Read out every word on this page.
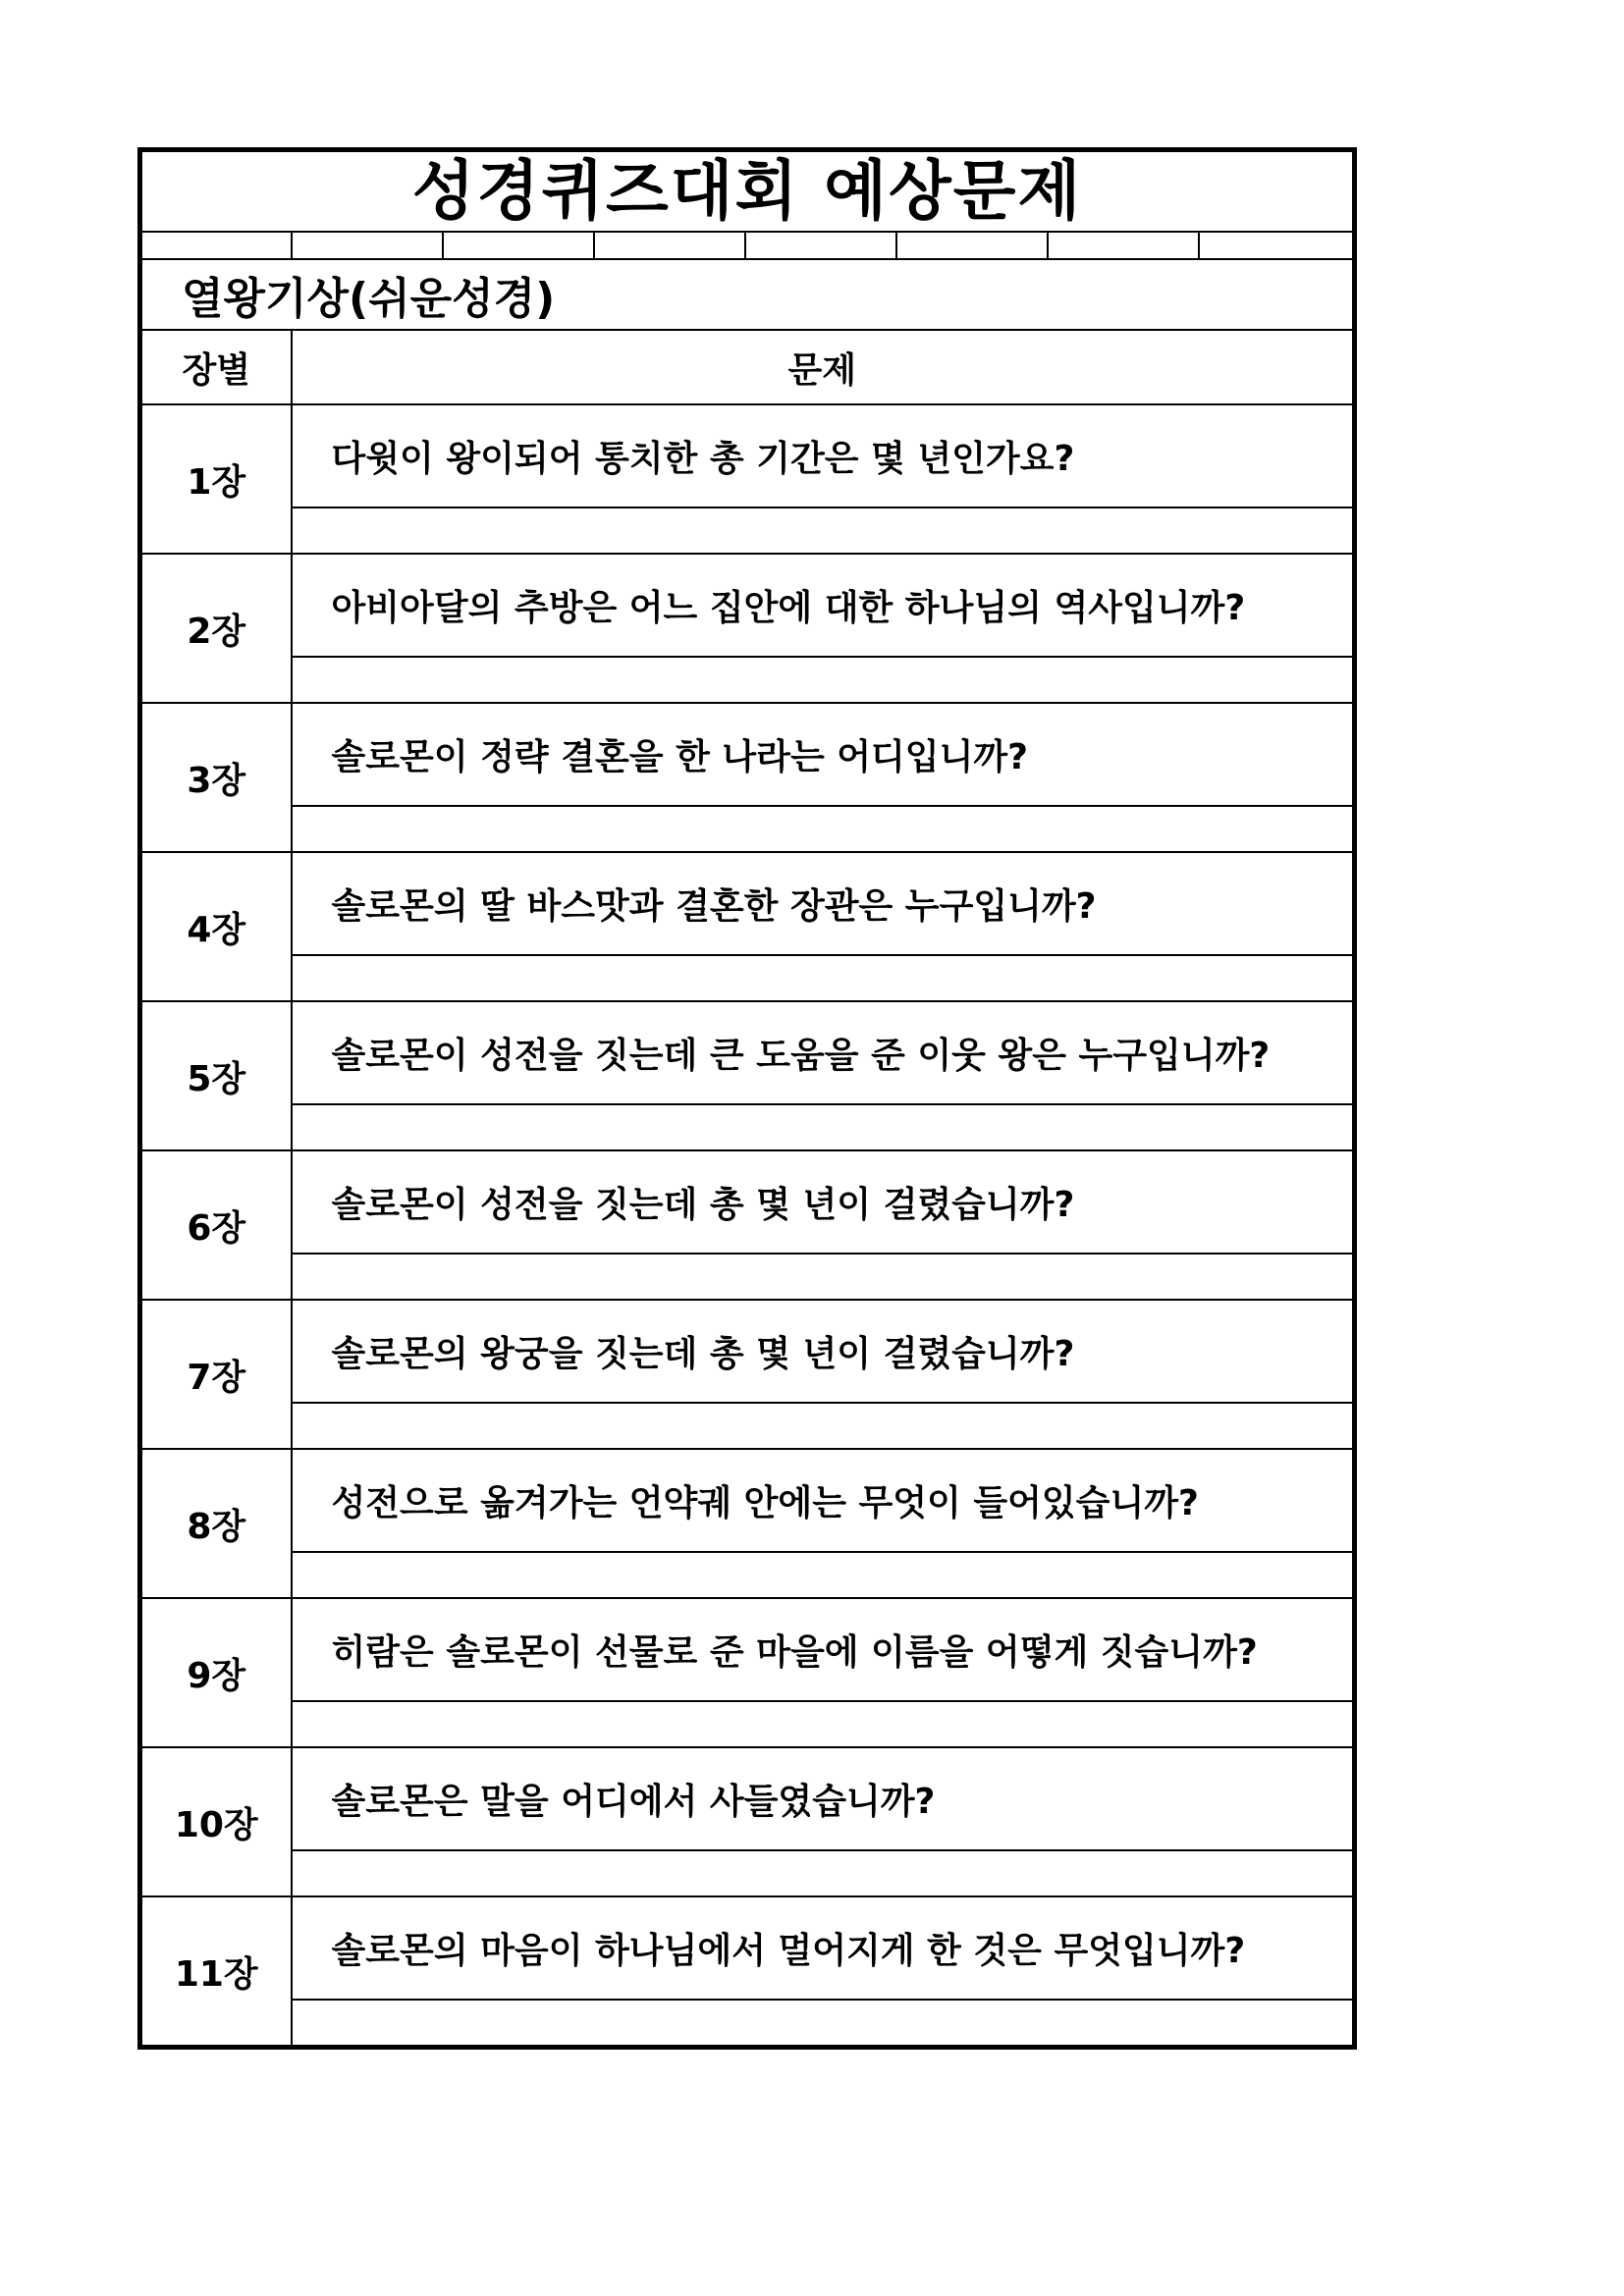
성경퀴즈대회 예상문제							

열왕기상(쉬운성경)							
장별	문제						
1장	다윗이 왕이되어 통치한 총 기간은 몇 년인가요?						

2장	아비아달의 추방은 어느 집안에 대한 하나님의 역사입니까?						

3장	솔로몬이 정략 결혼을 한 나라는 어디입니까?						

4장	솔로몬의 딸 바스맛과 결혼한 장관은 누구입니까?						

5장	솔로몬이 성전을 짓는데 큰 도움을 준 이웃 왕은 누구입니까?						

6장	솔로몬이 성전을 짓는데 총 몇 년이 걸렸습니까?						

7장	솔로몬의 왕궁을 짓는데 총 몇 년이 걸렸습니까?						

8장	성전으로 옮겨가는 언약궤 안에는 무엇이 들어있습니까?						

9장	히람은 솔로몬이 선물로 준 마을에 이름을 어떻게 짓습니까?						

10장	솔로몬은 말을 어디에서 사들였습니까?						

11장	솔로몬의 마음이 하나님에서 멀어지게 한 것은 무엇입니까?						
